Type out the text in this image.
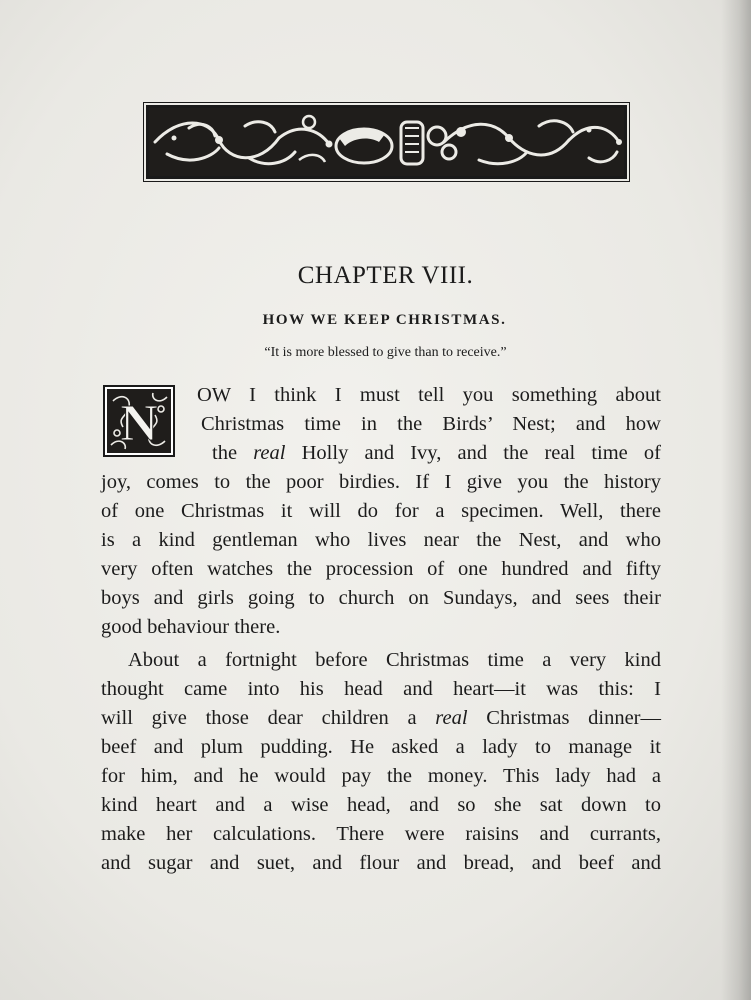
CHAPTER VIII.
HOW WE KEEP CHRISTMAS.
“It is more blessed to give than to receive.”
N OW I think I must tell you something about
Christmas time in the Birds’ Nest; and how
the real Holly and Ivy, and the real time of
joy, comes to the poor birdies. If I give you the history
of one Christmas it will do for a specimen. Well, there
is a kind gentleman who lives near the Nest, and who
very often watches the procession of one hundred and fifty
boys and girls going to church on Sundays, and sees their
good behaviour there.
About a fortnight before Christmas time a very kind
thought came into his head and heart—it was this: I
will give those dear children a real Christmas dinner—
beef and plum pudding. He asked a lady to manage it
for him, and he would pay the money. This lady had a
kind heart and a wise head, and so she sat down to
make her calculations. There were raisins and currants,
and sugar and suet, and flour and bread, and beef and
